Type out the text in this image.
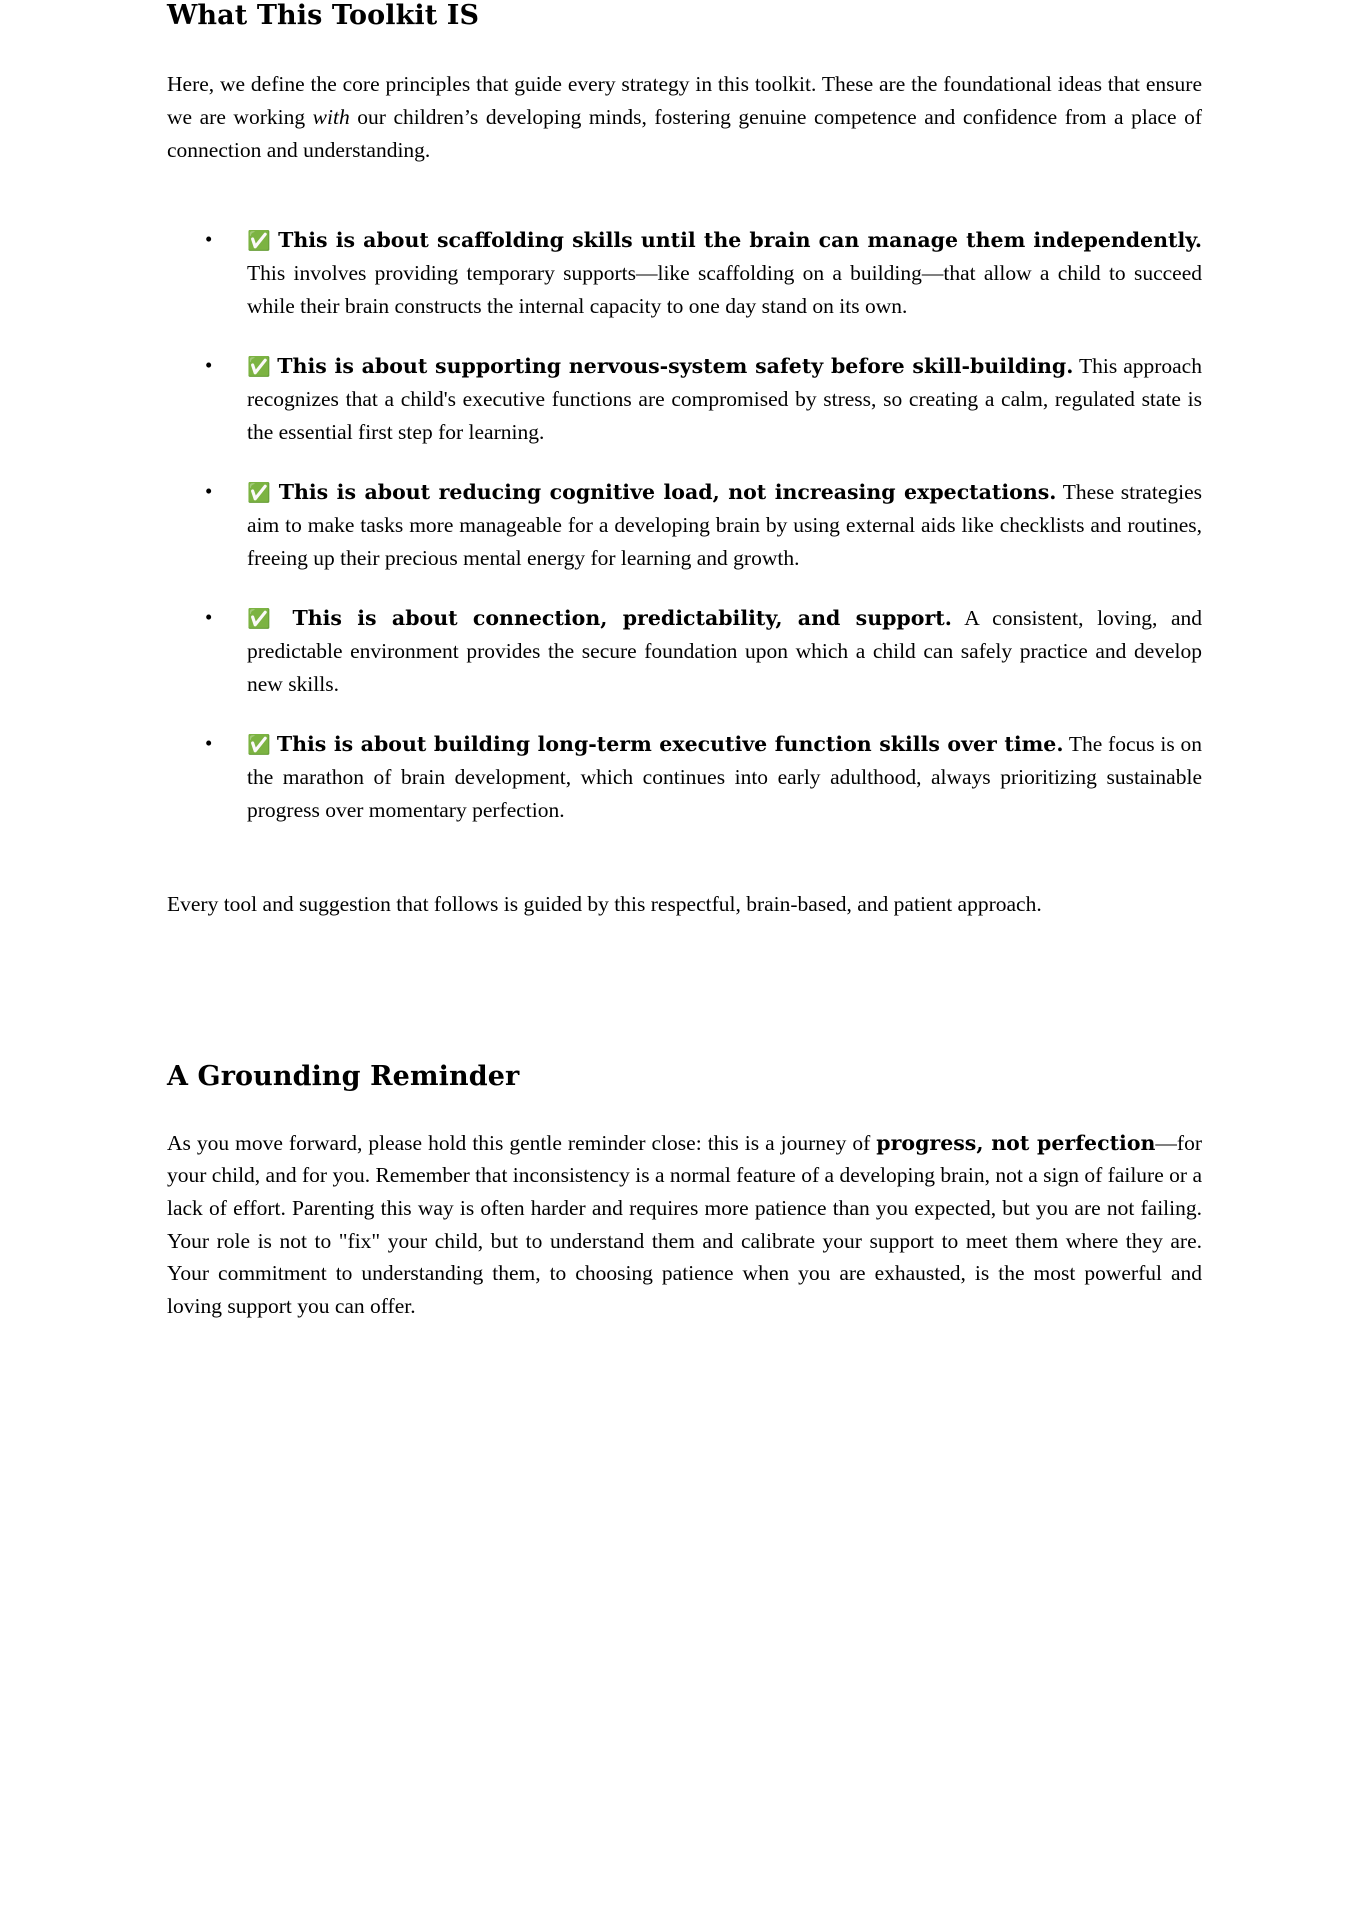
What This Toolkit IS

Here, we define the core principles that guide every strategy in this toolkit. These are the foundational ideas that ensure we are working with our children’s developing minds, fostering genuine competence and confidence from a place of connection and understanding.

• ✅ This is about scaffolding skills until the brain can manage them independently. This involves providing temporary supports—like scaffolding on a building—that allow a child to succeed while their brain constructs the internal capacity to one day stand on its own.
• ✅ This is about supporting nervous-system safety before skill-building. This approach recognizes that a child's executive functions are compromised by stress, so creating a calm, regulated state is the essential first step for learning.
• ✅ This is about reducing cognitive load, not increasing expectations. These strategies aim to make tasks more manageable for a developing brain by using external aids like checklists and routines, freeing up their precious mental energy for learning and growth.
• ✅ This is about connection, predictability, and support. A consistent, loving, and predictable environment provides the secure foundation upon which a child can safely practice and develop new skills.
• ✅ This is about building long-term executive function skills over time. The focus is on the marathon of brain development, which continues into early adulthood, always prioritizing sustainable progress over momentary perfection.

Every tool and suggestion that follows is guided by this respectful, brain-based, and patient approach.

A Grounding Reminder

As you move forward, please hold this gentle reminder close: this is a journey of progress, not perfection—for your child, and for you. Remember that inconsistency is a normal feature of a developing brain, not a sign of failure or a lack of effort. Parenting this way is often harder and requires more patience than you expected, but you are not failing. Your role is not to "fix" your child, but to understand them and calibrate your support to meet them where they are. Your commitment to understanding them, to choosing patience when you are exhausted, is the most powerful and loving support you can offer.
